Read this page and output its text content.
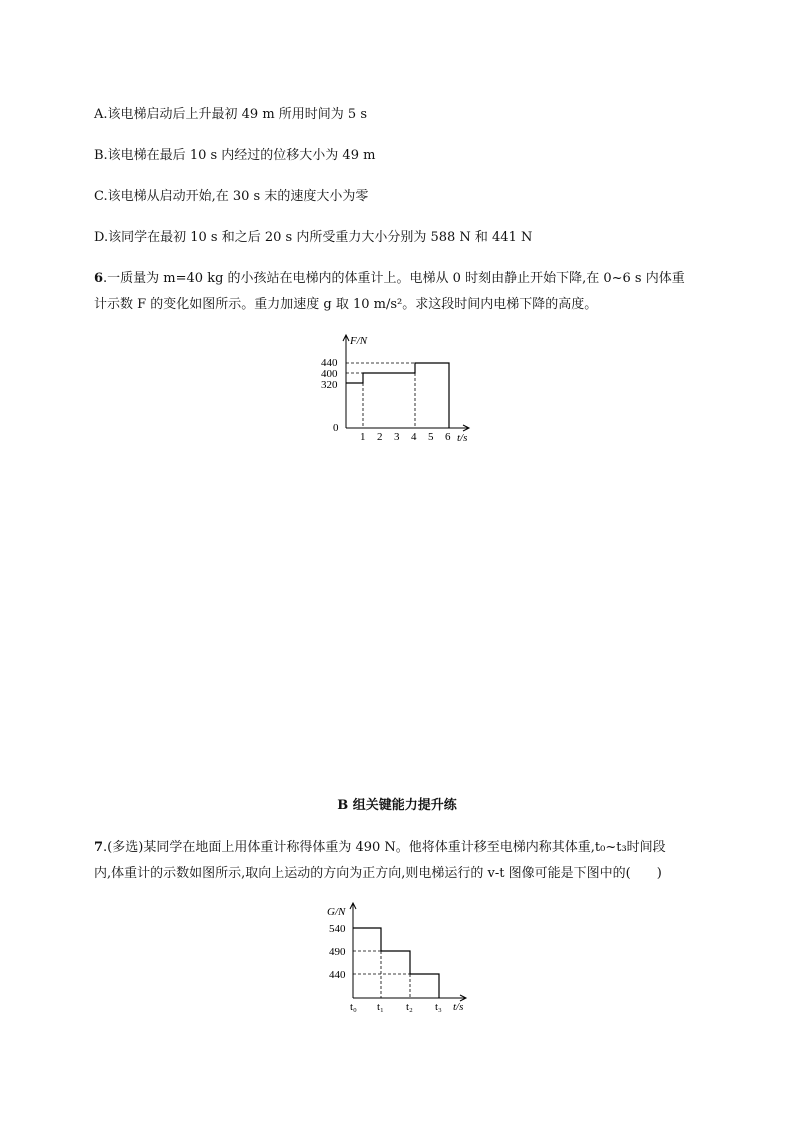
A.该电梯启动后上升最初 49 m 所用时间为 5 s
B.该电梯在最后 10 s 内经过的位移大小为 49 m
C.该电梯从启动开始,在 30 s 末的速度大小为零
D.该同学在最初 10 s 和之后 20 s 内所受重力大小分别为 588 N 和 441 N
6.一质量为 m=40 kg 的小孩站在电梯内的体重计上。电梯从 0 时刻由静止开始下降,在 0~6 s 内体重
计示数 F 的变化如图所示。重力加速度 g 取 10 m/s²。求这段时间内电梯下降的高度。
F/N
t/s
440
400
320
0
1 2 3 4 5 6
B 组关键能力提升练
7.(多选)某同学在地面上用体重计称得体重为 490 N。他将体重计移至电梯内称其体重,t₀~t₃时间段
内,体重计的示数如图所示,取向上运动的方向为正方向,则电梯运行的 v-t 图像可能是下图中的(　　)
G/N
t/s
540
490
440
t₀ t₁ t₂ t₃
